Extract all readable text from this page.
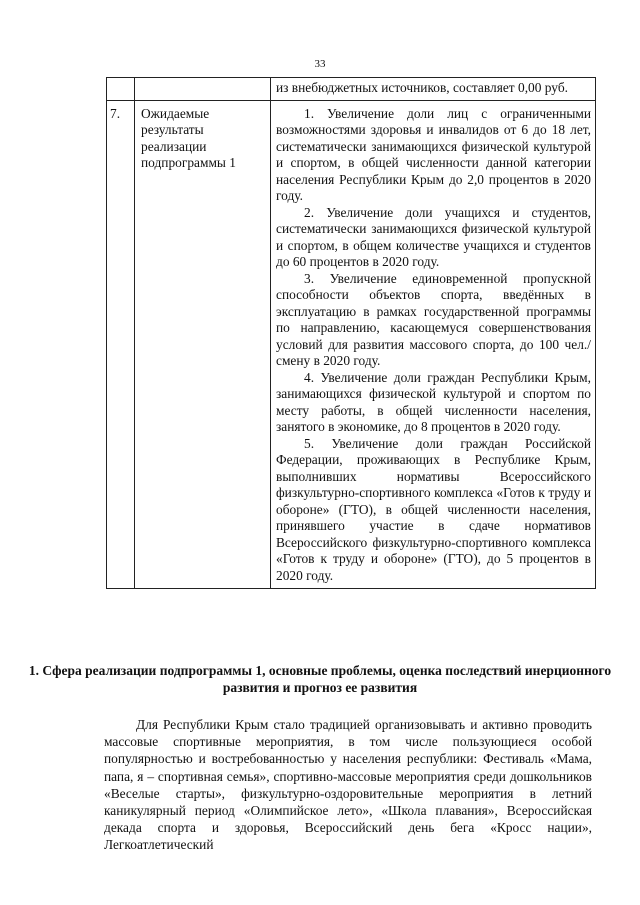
33
		из внебюджетных источников, составляет 0,00 руб.
7.	Ожидаемые результаты реализации подпрограммы 1	1. Увеличение доли лиц с ограниченными возможностями здоровья и инвалидов от 6 до 18 лет, систематически занимающихся физической культурой и спортом, в общей численности данной категории населения Республики Крым до 2,0 процентов в 2020 году.

2. Увеличение доли учащихся и студентов, систематически занимающихся физической культурой и спортом, в общем количестве учащихся и студентов до 60 процентов в 2020 году.

3. Увеличение единовременной пропускной способности объектов спорта, введённых в эксплуатацию в рамках государственной программы по направлению, касающемуся совершенствования условий для развития массового спорта, до 100 чел./смену в 2020 году.

4. Увеличение доли граждан Республики Крым, занимающихся физической культурой и спортом по месту работы, в общей численности населения, занятого в экономике, до 8 процентов в 2020 году.

5. Увеличение доли граждан Российской Федерации, проживающих в Республике Крым, выполнивших нормативы Всероссийского физкультурно-спортивного комплекса «Готов к труду и обороне» (ГТО), в общей численности населения, принявшего участие в сдаче нормативов Всероссийского физкультурно-спортивного комплекса «Готов к труду и обороне» (ГТО), до 5 процентов в 2020 году.

1. Сфера реализации подпрограммы 1, основные проблемы, оценка последствий инерционного развития и прогноз ее развития

Для Республики Крым стало традицией организовывать и активно проводить массовые спортивные мероприятия, в том числе пользующиеся особой популярностью и востребованностью у населения республики: Фестиваль «Мама, папа, я – спортивная семья», спортивно-массовые мероприятия среди дошкольников «Веселые старты», физкультурно-оздоровительные мероприятия в летний каникулярный период «Олимпийское лето», «Школа плавания», Всероссийская декада спорта и здоровья, Всероссийский день бега «Кросс нации», Легкоатлетический
